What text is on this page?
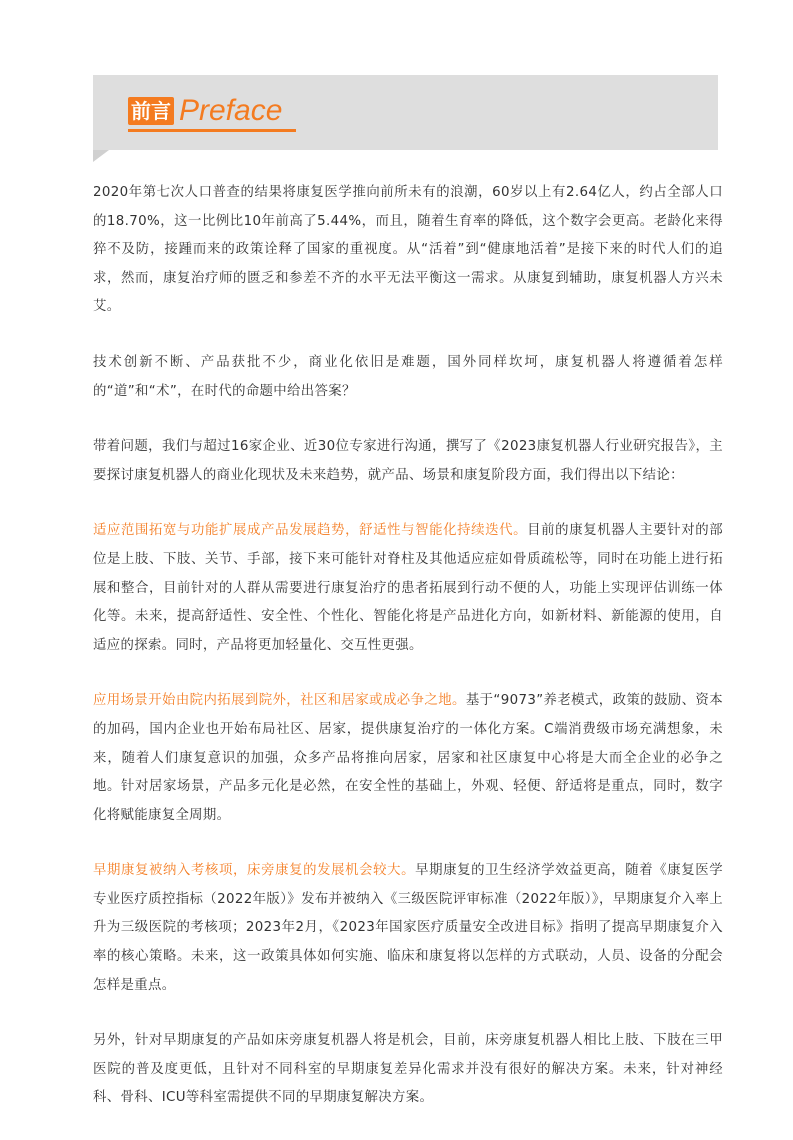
前言 Preface

2020年第七次人口普查的结果将康复医学推向前所未有的浪潮，60岁以上有2.64亿人，约占全部人口的18.70%，这一比例比10年前高了5.44%，而且，随着生育率的降低，这个数字会更高。老龄化来得猝不及防，接踵而来的政策诠释了国家的重视度。从“活着”到“健康地活着”是接下来的时代人们的追求，然而，康复治疗师的匮乏和参差不齐的水平无法平衡这一需求。从康复到辅助，康复机器人方兴未艾。

技术创新不断、产品获批不少，商业化依旧是难题，国外同样坎坷，康复机器人将遵循着怎样的“道”和“术”，在时代的命题中给出答案？

带着问题，我们与超过16家企业、近30位专家进行沟通，撰写了《2023康复机器人行业研究报告》，主要探讨康复机器人的商业化现状及未来趋势，就产品、场景和康复阶段方面，我们得出以下结论：

适应范围拓宽与功能扩展成产品发展趋势，舒适性与智能化持续迭代。目前的康复机器人主要针对的部位是上肢、下肢、关节、手部，接下来可能针对脊柱及其他适应症如骨质疏松等，同时在功能上进行拓展和整合，目前针对的人群从需要进行康复治疗的患者拓展到行动不便的人，功能上实现评估训练一体化等。未来，提高舒适性、安全性、个性化、智能化将是产品进化方向，如新材料、新能源的使用，自适应的探索。同时，产品将更加轻量化、交互性更强。

应用场景开始由院内拓展到院外，社区和居家或成必争之地。基于“9073”养老模式，政策的鼓励、资本的加码，国内企业也开始布局社区、居家，提供康复治疗的一体化方案。C端消费级市场充满想象，未来，随着人们康复意识的加强，众多产品将推向居家，居家和社区康复中心将是大而全企业的必争之地。针对居家场景，产品多元化是必然，在安全性的基础上，外观、轻便、舒适将是重点，同时，数字化将赋能康复全周期。

早期康复被纳入考核项，床旁康复的发展机会较大。早期康复的卫生经济学效益更高，随着《康复医学专业医疗质控指标（2022年版）》发布并被纳入《三级医院评审标准（2022年版）》，早期康复介入率上升为三级医院的考核项；2023年2月，《2023年国家医疗质量安全改进目标》指明了提高早期康复介入率的核心策略。未来，这一政策具体如何实施、临床和康复将以怎样的方式联动，人员、设备的分配会怎样是重点。

另外，针对早期康复的产品如床旁康复机器人将是机会，目前，床旁康复机器人相比上肢、下肢在三甲医院的普及度更低，且针对不同科室的早期康复差异化需求并没有很好的解决方案。未来，针对神经科、骨科、ICU等科室需提供不同的早期康复解决方案。
